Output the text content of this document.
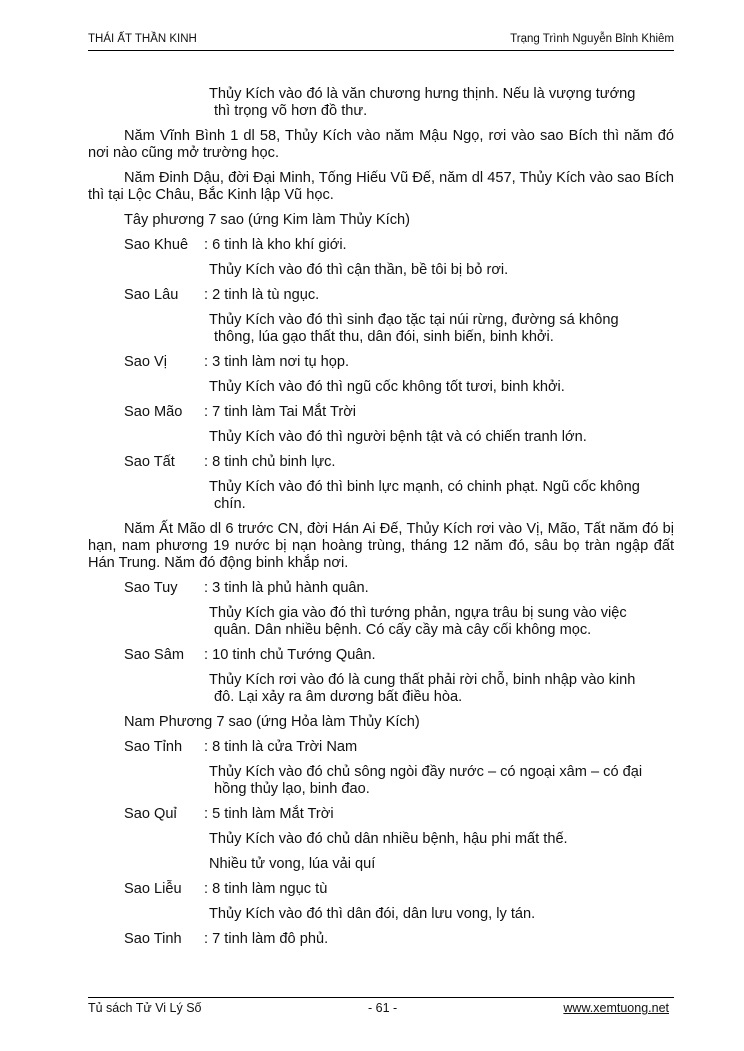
THÁI ẤT THẦN KINH	Trạng Trình Nguyễn Bỉnh Khiêm

Thủy Kích vào đó là văn chương hưng thịnh. Nếu là vượng tướng
thì trọng võ hơn đồ thư.

Năm Vĩnh Bình 1 dl 58, Thủy Kích vào năm Mậu Ngọ, rơi vào sao Bích thì năm đó nơi nào cũng mở trường học.

Năm Đinh Dậu, đời Đại Minh, Tống Hiếu Vũ Đế, năm dl 457, Thủy Kích vào sao Bích thì tại Lộc Châu, Bắc Kinh lập Vũ học.

Tây phương 7 sao (ứng Kim làm Thủy Kích)

Sao Khuê : 6 tinh là kho khí giới.

Thủy Kích vào đó thì cận thần, bề tôi bị bỏ rơi.

Sao Lâu : 2 tinh là tù ngục.

Thủy Kích vào đó thì sinh đạo tặc tại núi rừng, đường sá không
thông, lúa gạo thất thu, dân đói, sinh biến, binh khởi.

Sao Vị	: 3 tinh làm nơi tụ họp.

Thủy Kích vào đó thì ngũ cốc không tốt tươi, binh khởi.

Sao Mão : 7 tinh làm Tai Mắt Trời

Thủy Kích vào đó thì người bệnh tật và có chiến tranh lớn.

Sao Tất : 8 tinh chủ binh lực.

Thủy Kích vào đó thì binh lực mạnh, có chinh phạt. Ngũ cốc không
chín.

Năm Ất Mão dl 6 trước CN, đời Hán Ai Đế, Thủy Kích rơi vào Vị, Mão, Tất năm đó bị hạn, nam phương 19 nước bị nạn hoàng trùng, tháng 12 năm đó, sâu bọ tràn ngập đất Hán Trung. Năm đó động binh khắp nơi.

Sao Tuy : 3 tinh là phủ hành quân.

Thủy Kích gia vào đó thì tướng phản, ngựa trâu bị sung vào việc
quân. Dân nhiều bệnh. Có cấy cầy mà cây cối không mọc.

Sao Sâm : 10 tinh chủ Tướng Quân.

Thủy Kích rơi vào đó là cung thất phải rời chỗ, binh nhập vào kinh
đô. Lại xảy ra âm dương bất điều hòa.

Nam Phương 7 sao (ứng Hỏa làm Thủy Kích)

Sao Tỉnh : 8 tinh là cửa Trời Nam

Thủy Kích vào đó chủ sông ngòi đầy nước – có ngoại xâm – có đại
hồng thủy lạo, binh đao.

Sao Quỉ : 5 tinh làm Mắt Trời

Thủy Kích vào đó chủ dân nhiều bệnh, hậu phi mất thế.

Nhiều tử vong, lúa vải quí

Sao Liễu : 8 tinh làm ngục tù

Thủy Kích vào đó thì dân đói, dân lưu vong, ly tán.

Sao Tinh : 7 tinh làm đô phủ.

Tủ sách Tử Vi Lý Số	- 61 -	www.xemtuong.net
